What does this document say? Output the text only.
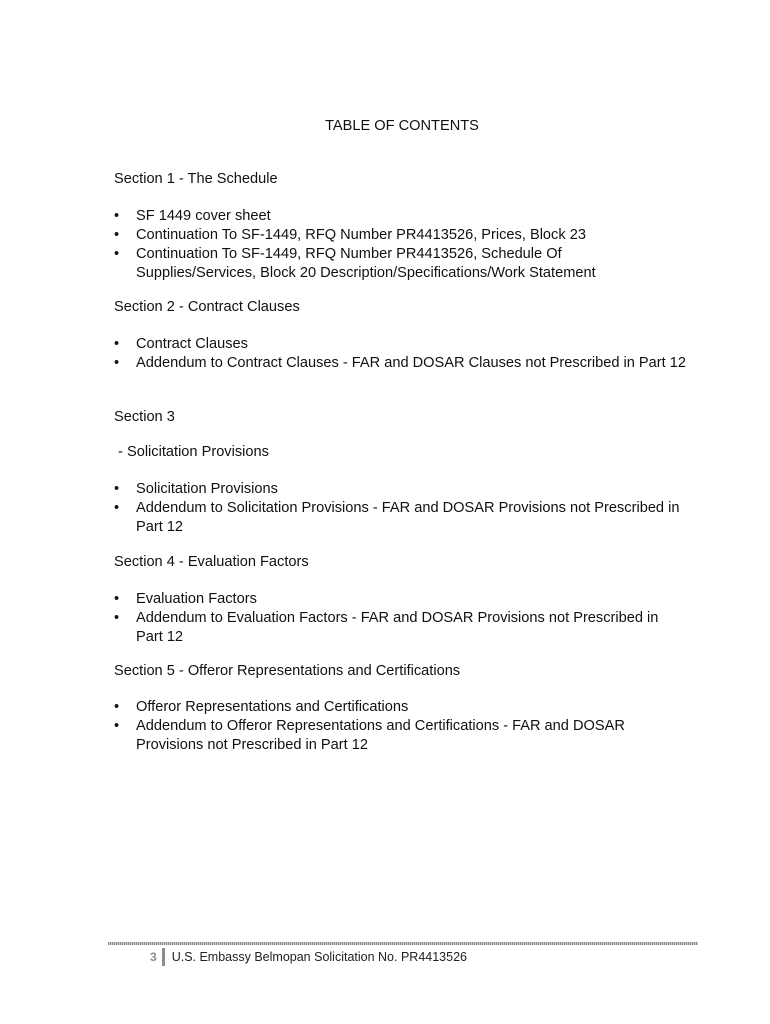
TABLE OF CONTENTS
Section 1 - The Schedule
•	SF 1449 cover sheet
•	Continuation To SF-1449, RFQ Number PR4413526, Prices, Block 23
•	Continuation To SF-1449, RFQ Number PR4413526, Schedule Of Supplies/Services, Block 20 Description/Specifications/Work Statement
Section 2 - Contract Clauses
•	Contract Clauses
•	Addendum to Contract Clauses - FAR and DOSAR Clauses not Prescribed in Part 12
Section 3
- Solicitation Provisions
•	Solicitation Provisions
•	Addendum to Solicitation Provisions - FAR and DOSAR Provisions not Prescribed in Part 12
Section 4 - Evaluation Factors
•	Evaluation Factors
•	Addendum to Evaluation Factors - FAR and DOSAR Provisions not Prescribed in Part 12
Section 5 - Offeror Representations and Certifications
•	Offeror Representations and Certifications
•	Addendum to Offeror Representations and Certifications - FAR and DOSAR Provisions not Prescribed in Part 12
3	U.S. Embassy Belmopan Solicitation No. PR4413526
